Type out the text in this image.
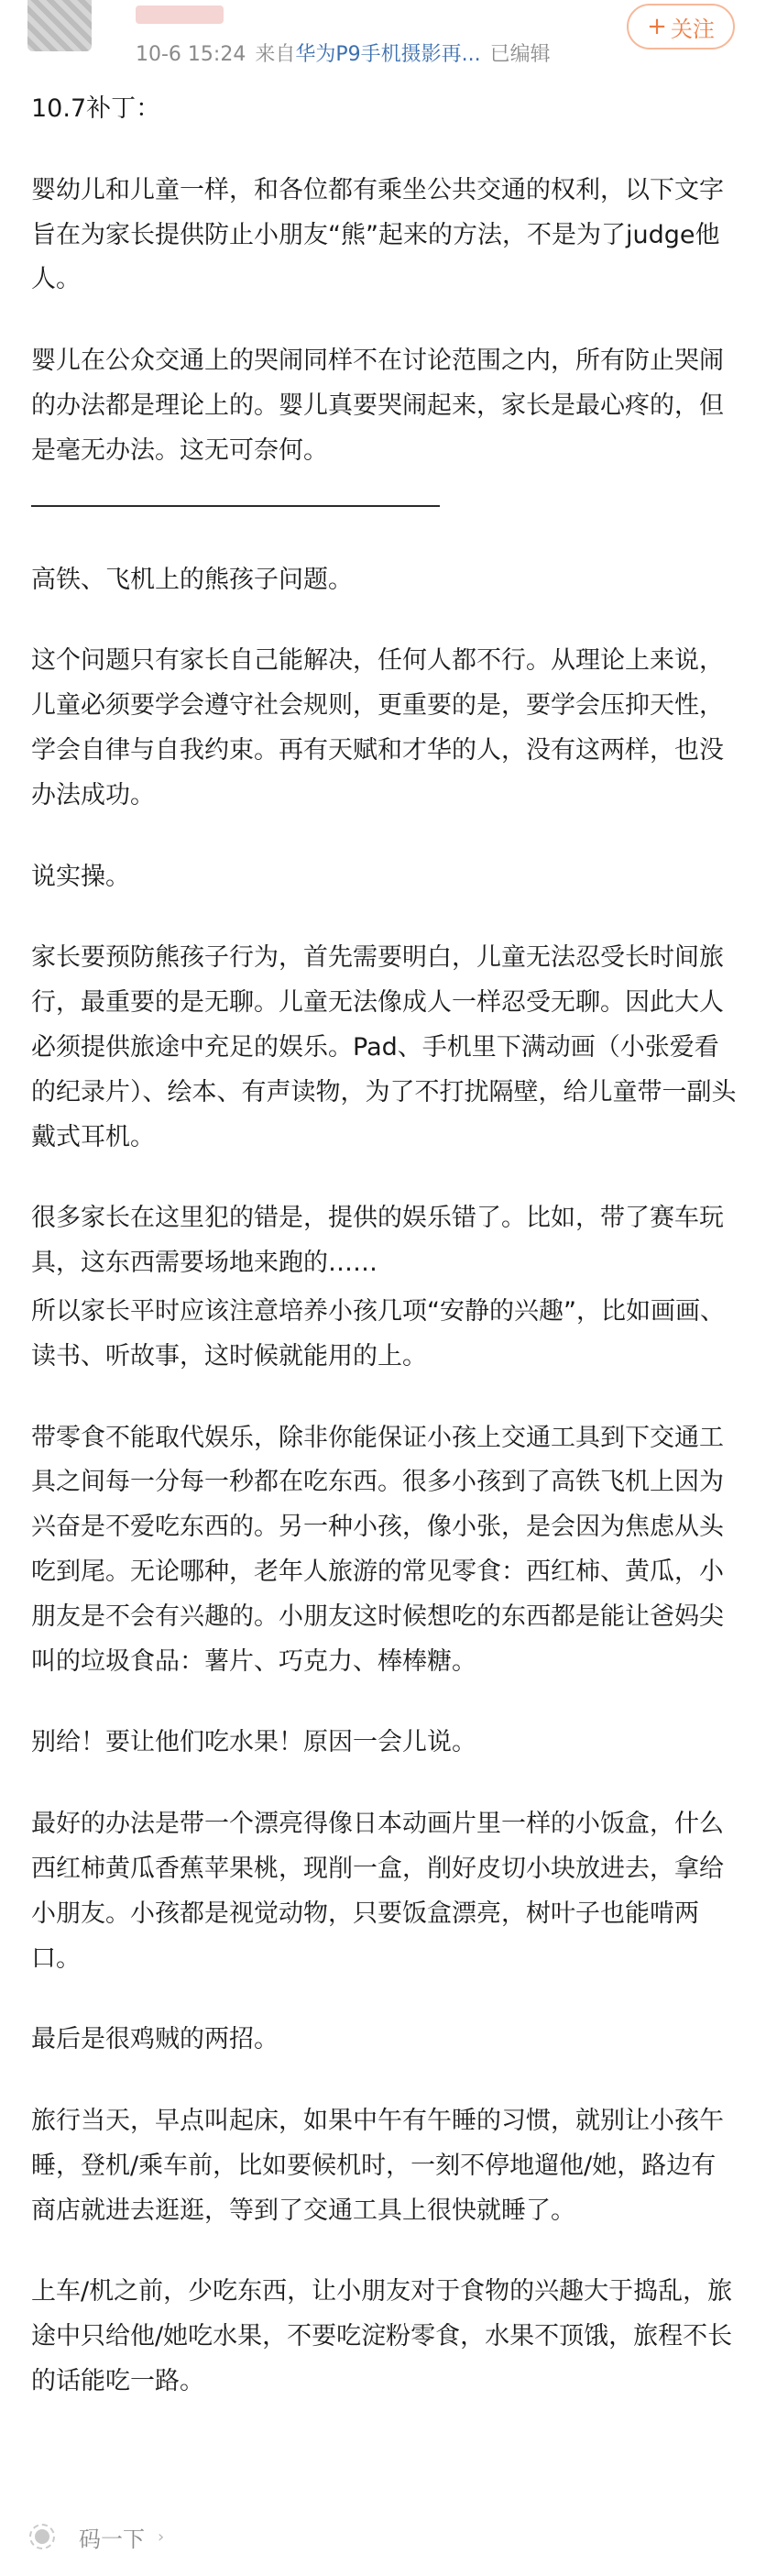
10-6 15:24 来自华为P9手机摄影再... 已编辑
+ 关注

10.7补丁：

婴幼儿和儿童一样，和各位都有乘坐公共交通的权利，以下文字旨在为家长提供防止小朋友“熊”起来的方法，不是为了judge他人。

婴儿在公众交通上的哭闹同样不在讨论范围之内，所有防止哭闹的办法都是理论上的。婴儿真要哭闹起来，家长是最心疼的，但是毫无办法。这无可奈何。

高铁、飞机上的熊孩子问题。

这个问题只有家长自己能解决，任何人都不行。从理论上来说，儿童必须要学会遵守社会规则，更重要的是，要学会压抑天性，学会自律与自我约束。再有天赋和才华的人，没有这两样，也没办法成功。

说实操。

家长要预防熊孩子行为，首先需要明白，儿童无法忍受长时间旅行，最重要的是无聊。儿童无法像成人一样忍受无聊。因此大人必须提供旅途中充足的娱乐。Pad、手机里下满动画（小张爱看的纪录片）、绘本、有声读物，为了不打扰隔壁，给儿童带一副头戴式耳机。

很多家长在这里犯的错是，提供的娱乐错了。比如，带了赛车玩具，这东西需要场地来跑的……

所以家长平时应该注意培养小孩几项“安静的兴趣”，比如画画、读书、听故事，这时候就能用的上。

带零食不能取代娱乐，除非你能保证小孩上交通工具到下交通工具之间每一分每一秒都在吃东西。很多小孩到了高铁飞机上因为兴奋是不爱吃东西的。另一种小孩，像小张，是会因为焦虑从头吃到尾。无论哪种，老年人旅游的常见零食：西红柿、黄瓜，小朋友是不会有兴趣的。小朋友这时候想吃的东西都是能让爸妈尖叫的垃圾食品：薯片、巧克力、棒棒糖。

别给！要让他们吃水果！原因一会儿说。

最好的办法是带一个漂亮得像日本动画片里一样的小饭盒，什么西红柿黄瓜香蕉苹果桃，现削一盒，削好皮切小块放进去，拿给小朋友。小孩都是视觉动物，只要饭盒漂亮，树叶子也能啃两口。

最后是很鸡贼的两招。

旅行当天，早点叫起床，如果中午有午睡的习惯，就别让小孩午睡，登机/乘车前，比如要候机时，一刻不停地遛他/她，路边有商店就进去逛逛，等到了交通工具上很快就睡了。

上车/机之前，少吃东西，让小朋友对于食物的兴趣大于捣乱，旅途中只给他/她吃水果，不要吃淀粉零食，水果不顶饿，旅程不长的话能吃一路。

码一下 ›
